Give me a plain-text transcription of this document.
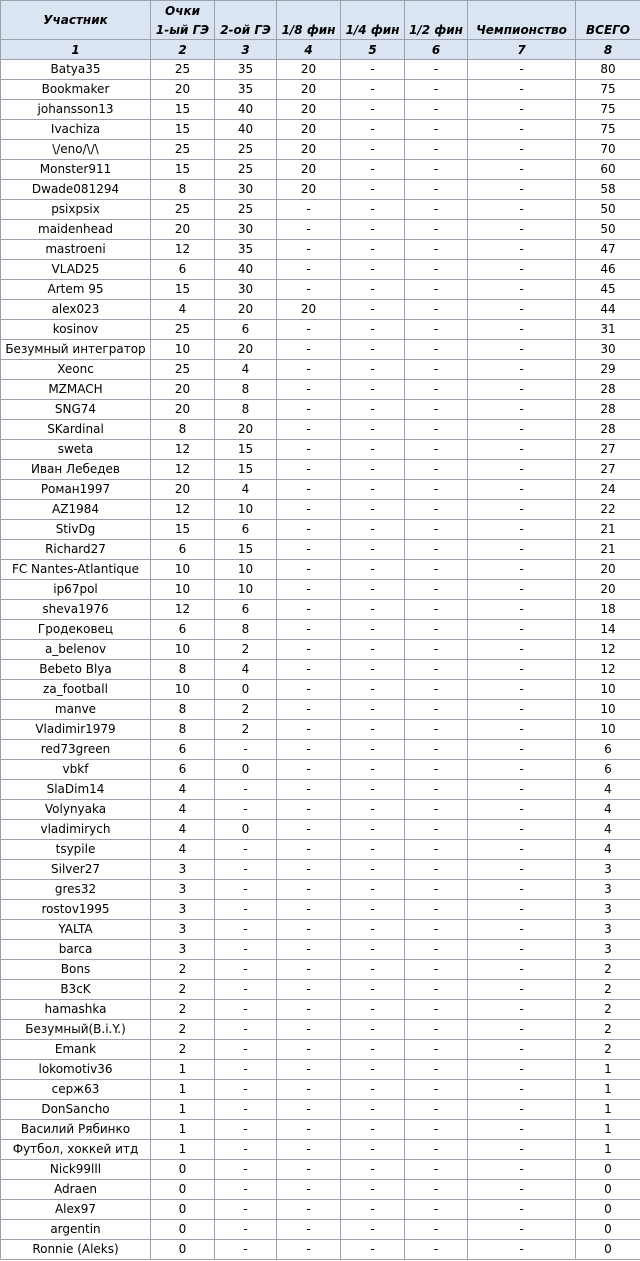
Участник	Очки						
	1-ый ГЭ	2-ой ГЭ	1/8 фин	1/4 фин	1/2 фин	Чемпионство	ВСЕГО
1	2	3	4	5	6	7	8
Batya35	25	35	20	-	-	-	80
Bookmaker	20	35	20	-	-	-	75
johansson13	15	40	20	-	-	-	75
Ivachiza	15	40	20	-	-	-	75
\/eno/\/\	25	25	20	-	-	-	70
Monster911	15	25	20	-	-	-	60
Dwade081294	8	30	20	-	-	-	58
psixpsix	25	25	-	-	-	-	50
maidenhead	20	30	-	-	-	-	50
mastroeni	12	35	-	-	-	-	47
VLAD25	6	40	-	-	-	-	46
Artem 95	15	30	-	-	-	-	45
alex023	4	20	20	-	-	-	44
kosinov	25	6	-	-	-	-	31
Безумный интегратор	10	20	-	-	-	-	30
Xeonc	25	4	-	-	-	-	29
MZMACH	20	8	-	-	-	-	28
SNG74	20	8	-	-	-	-	28
SKardinal	8	20	-	-	-	-	28
sweta	12	15	-	-	-	-	27
Иван Лебедев	12	15	-	-	-	-	27
Роман1997	20	4	-	-	-	-	24
AZ1984	12	10	-	-	-	-	22
StivDg	15	6	-	-	-	-	21
Richard27	6	15	-	-	-	-	21
FC Nantes-Atlantique	10	10	-	-	-	-	20
ip67pol	10	10	-	-	-	-	20
sheva1976	12	6	-	-	-	-	18
Гродековец	6	8	-	-	-	-	14
a_belenov	10	2	-	-	-	-	12
Bebeto Blya	8	4	-	-	-	-	12
za_football	10	0	-	-	-	-	10
manve	8	2	-	-	-	-	10
Vladimir1979	8	2	-	-	-	-	10
red73green	6	-	-	-	-	-	6
vbkf	6	0	-	-	-	-	6
SlaDim14	4	-	-	-	-	-	4
Volynyaka	4	-	-	-	-	-	4
vladimirych	4	0	-	-	-	-	4
tsypile	4	-	-	-	-	-	4
Silver27	3	-	-	-	-	-	3
gres32	3	-	-	-	-	-	3
rostov1995	3	-	-	-	-	-	3
YALTA	3	-	-	-	-	-	3
barca	3	-	-	-	-	-	3
Bons	2	-	-	-	-	-	2
B3cK	2	-	-	-	-	-	2
hamashka	2	-	-	-	-	-	2
Безумный(B.i.Y.)	2	-	-	-	-	-	2
Emank	2	-	-	-	-	-	2
lokomotiv36	1	-	-	-	-	-	1
серж63	1	-	-	-	-	-	1
DonSancho	1	-	-	-	-	-	1
Василий Рябинко	1	-	-	-	-	-	1
Футбол, хоккей итд	1	-	-	-	-	-	1
Nick99lll	0	-	-	-	-	-	0
Adraen	0	-	-	-	-	-	0
Alex97	0	-	-	-	-	-	0
argentin	0	-	-	-	-	-	0
Ronnie (Aleks)	0	-	-	-	-	-	0
